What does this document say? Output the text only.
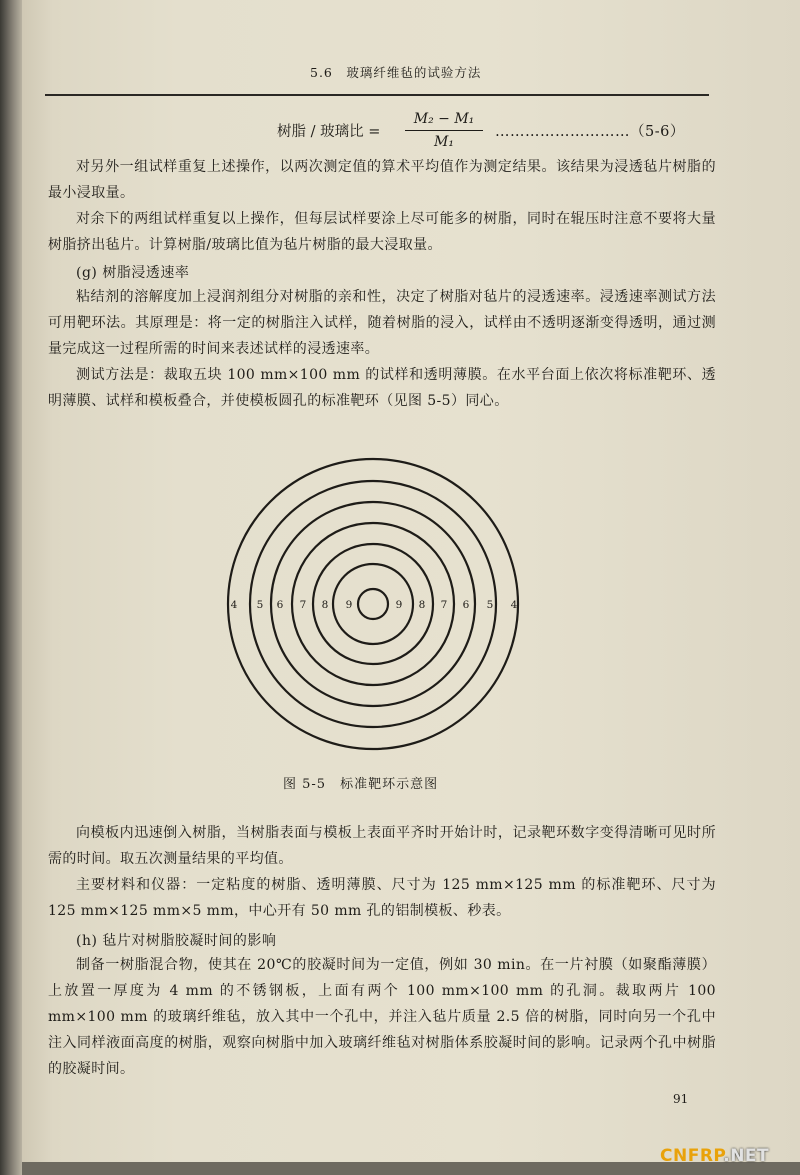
5.6　玻璃纤维毡的试验方法
树脂 / 玻璃比 =
M₂ − M₁
M₁
………………………（5-6）

对另外一组试样重复上述操作，以两次测定值的算术平均值作为测定结果。该结果为浸透毡片树脂的最小浸取量。

对余下的两组试样重复以上操作，但每层试样要涂上尽可能多的树脂，同时在辊压时注意不要将大量树脂挤出毡片。计算树脂/玻璃比值为毡片树脂的最大浸取量。

(g) 树脂浸透速率

粘结剂的溶解度加上浸润剂组分对树脂的亲和性，决定了树脂对毡片的浸透速率。浸透速率测试方法可用靶环法。其原理是：将一定的树脂注入试样，随着树脂的浸入，试样由不透明逐渐变得透明，通过测量完成这一过程所需的时间来表述试样的浸透速率。

测试方法是：裁取五块 100 mm×100 mm 的试样和透明薄膜。在水平台面上依次将标准靶环、透明薄膜、试样和模板叠合，并使模板圆孔的标准靶环（见图 5-5）同心。

4 5 6 7 8 9	9 8 7 6 5 4
图 5-5　标准靶环示意图

向模板内迅速倒入树脂，当树脂表面与模板上表面平齐时开始计时，记录靶环数字变得清晰可见时所需的时间。取五次测量结果的平均值。

主要材料和仪器：一定粘度的树脂、透明薄膜、尺寸为 125 mm×125 mm 的标准靶环、尺寸为 125 mm×125 mm×5 mm，中心开有 50 mm 孔的铝制模板、秒表。

(h) 毡片对树脂胶凝时间的影响

制备一树脂混合物，使其在 20℃的胶凝时间为一定值，例如 30 min。在一片衬膜（如聚酯薄膜）上放置一厚度为 4 mm 的不锈钢板，上面有两个 100 mm×100 mm 的孔洞。裁取两片 100 mm×100 mm 的玻璃纤维毡，放入其中一个孔中，并注入毡片质量 2.5 倍的树脂，同时向另一个孔中注入同样液面高度的树脂，观察向树脂中加入玻璃纤维毡对树脂体系胶凝时间的影响。记录两个孔中树脂的胶凝时间。

91
CNFRP.NET
